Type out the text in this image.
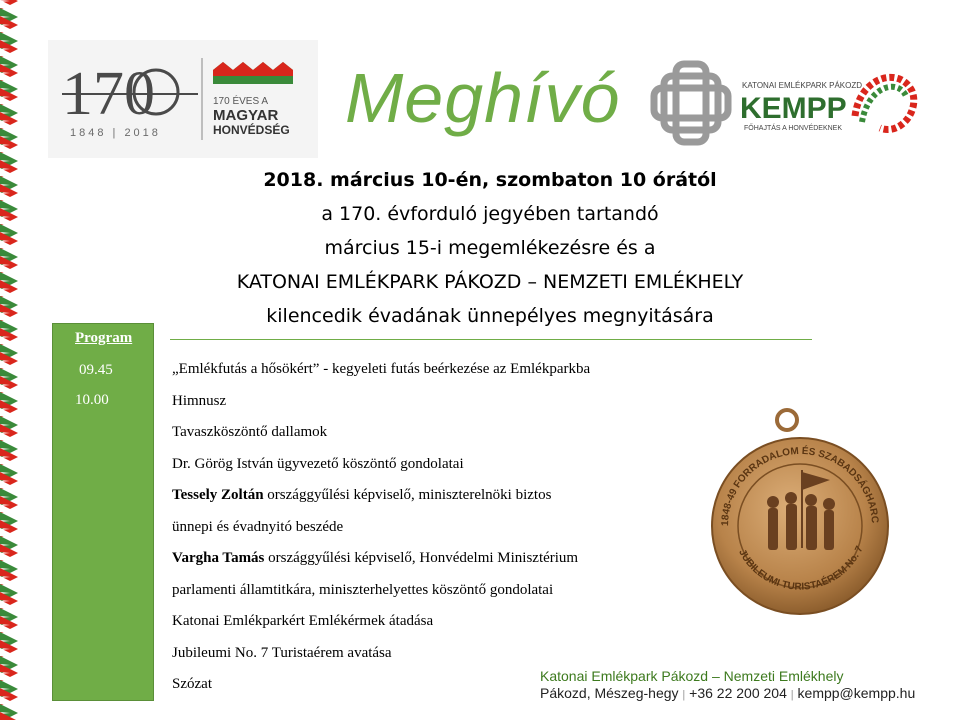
170
1848 | 2018
170 ÉVES A
MAGYAR
HONVÉDSÉG Meghívó	KATONAI EMLÉKPARK PÁKOZD
KEMPP
FŐHAJTÁS A HONVÉDEKNEK
2018. március 10-én, szombaton 10 órától
a 170. évforduló jegyében tartandó
március 15-i megemlékezésre és a
KATONAI EMLÉKPARK PÁKOZD – NEMZETI EMLÉKHELY
kilencedik évadának ünnepélyes megnyitására
Program
09.45
10.00
„Emlékfutás a hősökért” - kegyeleti futás beérkezése az Emlékparkba
Himnusz
Tavaszköszöntő dallamok
Dr. Görög István ügyvezető köszöntő gondolatai
Tessely Zoltán országgyűlési képviselő, miniszterelnöki biztos
ünnepi és évadnyitó beszéde
Vargha Tamás országgyűlési képviselő, Honvédelmi Minisztérium
parlamenti államtitkára, miniszterhelyettes köszöntő gondolatai
Katonai Emlékparkért Emlékérmek átadása
Jubileumi No. 7 Turistaérem avatása
Szózat
1848-49 FORRADALOM ÉS SZABADSÁGHARC
JUBILEUMI TURISTAÉREM No. 7
Katonai Emlékpark Pákozd – Nemzeti Emlékhely
Pákozd, Mészeg-hegy | +36 22 200 204 | kempp@kempp.hu
